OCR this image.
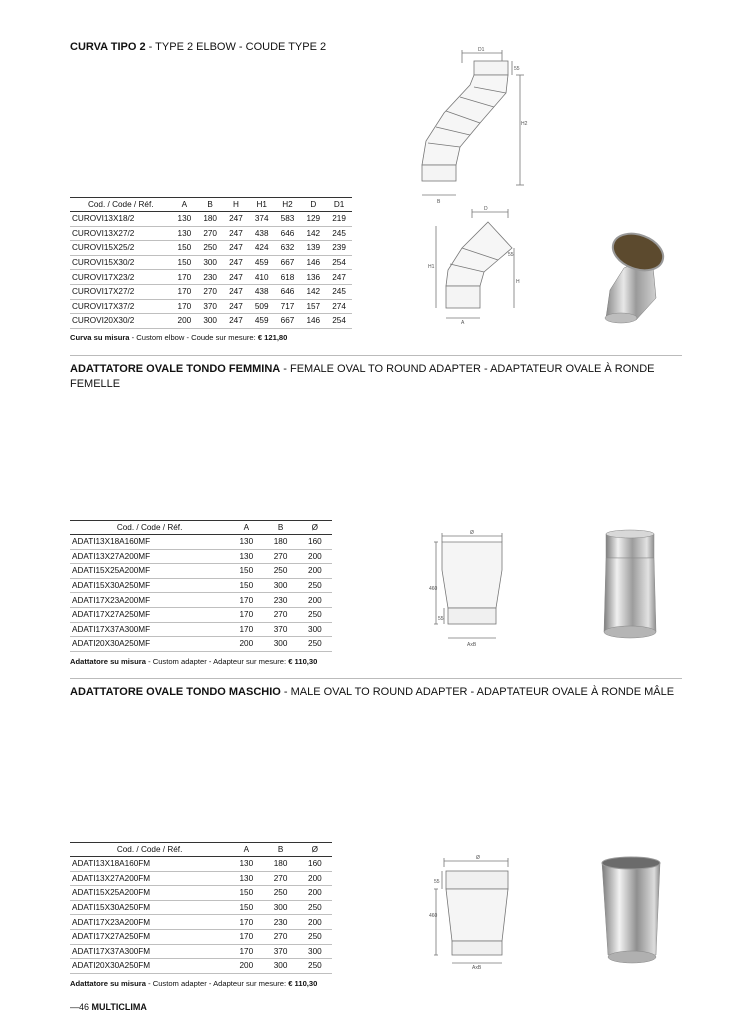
CURVA TIPO 2 - TYPE 2 ELBOW - COUDE TYPE 2	D1
55
H2
B
D
H1
H
55
A
Cod. / Code / Réf.	A	B	H	H1	H2	D	D1
CUROVI13X18/2	130	180	247	374	583	129	219
CUROVI13X27/2	130	270	247	438	646	142	245
CUROVI15X25/2	150	250	247	424	632	139	239
CUROVI15X30/2	150	300	247	459	667	146	254
CUROVI17X23/2	170	230	247	410	618	136	247
CUROVI17X27/2	170	270	247	438	646	142	245
CUROVI17X37/2	170	370	247	509	717	157	274
CUROVI20X30/2	200	300	247	459	667	146	254
Curva su misura - Custom elbow - Coude sur mesure: € 121,80
ADATTATORE OVALE TONDO FEMMINA - FEMALE OVAL TO ROUND ADAPTER - ADAPTATEUR OVALE À RONDE
FEMELLE
Cod. / Code / Réf.	A	B	Ø
ADATI13X18A160MF	130	180	160
ADATI13X27A200MF	130	270	200
ADATI15X25A200MF	150	250	200
ADATI15X30A250MF	150	300	250
ADATI17X23A200MF	170	230	200
ADATI17X27A250MF	170	270	250
ADATI17X37A300MF	170	370	300
ADATI20X30A250MF	200	300	250
Ø
460
55
AxB
Adattatore su misura - Custom adapter - Adapteur sur mesure: € 110,30
ADATTATORE OVALE TONDO MASCHIO - MALE OVAL TO ROUND ADAPTER - ADAPTATEUR OVALE À RONDE MÂLE
Cod. / Code / Réf.	A	B	Ø
ADATI13X18A160FM	130	180	160
ADATI13X27A200FM	130	270	200
ADATI15X25A200FM	150	250	200
ADATI15X30A250FM	150	300	250
ADATI17X23A200FM	170	230	200
ADATI17X27A250FM	170	270	250
ADATI17X37A300FM	170	370	300
ADATI20X30A250FM	200	300	250
Ø
55
460
AxB
Adattatore su misura - Custom adapter - Adapteur sur mesure: € 110,30
—46 MULTICLIMA
